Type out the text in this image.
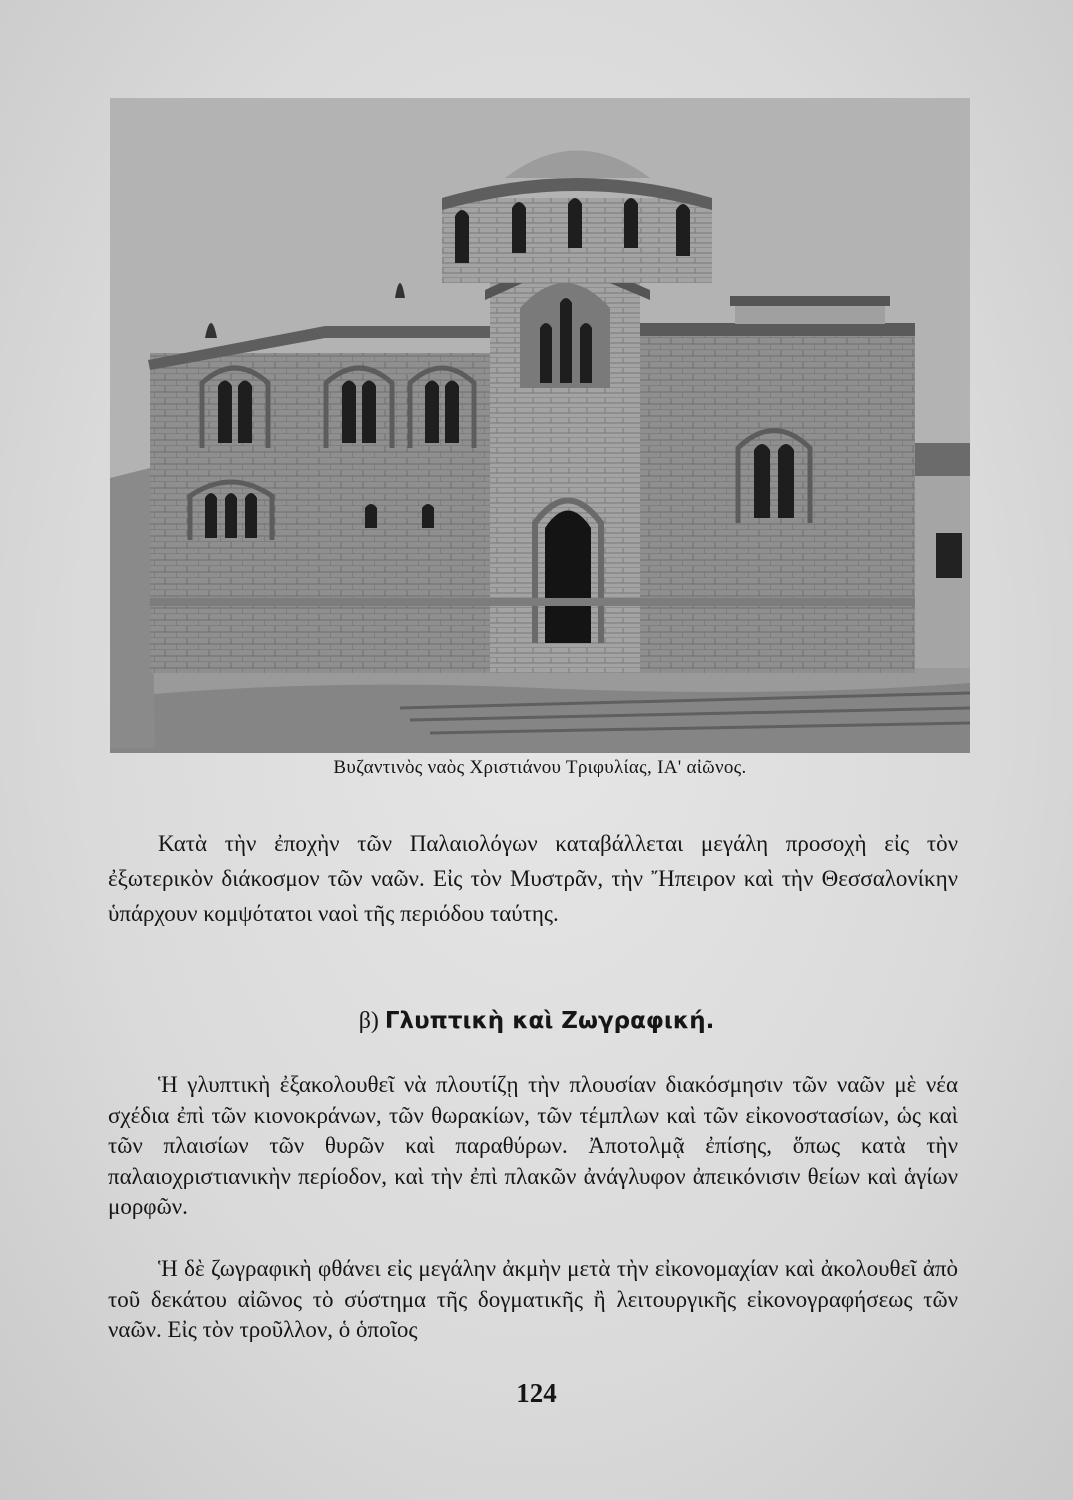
Βυζαντινὸς ναὸς Χριστιάνου Τριφυλίας, ΙΑ' αἰῶνος.

Κατὰ τὴν ἐποχὴν τῶν Παλαιολόγων καταβάλλεται μεγάλη προσοχὴ εἰς τὸν ἐξωτερικὸν διάκοσμον τῶν ναῶν. Εἰς τὸν Μυστρᾶν, τὴν Ἤπειρον καὶ τὴν Θεσσαλονίκην ὑπάρχουν κομψότατοι ναοὶ τῆς περιόδου ταύτης.

β) Γλυπτικὴ καὶ Ζωγραφική.

Ἡ γλυπτικὴ ἐξακολουθεῖ νὰ πλουτίζῃ τὴν πλουσίαν διακόσμησιν τῶν ναῶν μὲ νέα σχέδια ἐπὶ τῶν κιονοκράνων, τῶν θωρακίων, τῶν τέμπλων καὶ τῶν εἰκονοστασίων, ὡς καὶ τῶν πλαισίων τῶν θυρῶν καὶ παραθύρων. Ἀποτολμᾷ ἐπίσης, ὅπως κατὰ τὴν παλαιοχριστιανικὴν περίοδον, καὶ τὴν ἐπὶ πλακῶν ἀνάγλυφον ἀπεικόνισιν θείων καὶ ἁγίων μορφῶν.

Ἡ δὲ ζωγραφικὴ φθάνει εἰς μεγάλην ἀκμὴν μετὰ τὴν εἰκονομαχίαν καὶ ἀκολουθεῖ ἀπὸ τοῦ δεκάτου αἰῶνος τὸ σύστημα τῆς δογματικῆς ἢ λειτουργικῆς εἰκονογραφήσεως τῶν ναῶν. Εἰς τὸν τροῦλλον, ὁ ὁποῖος

124
